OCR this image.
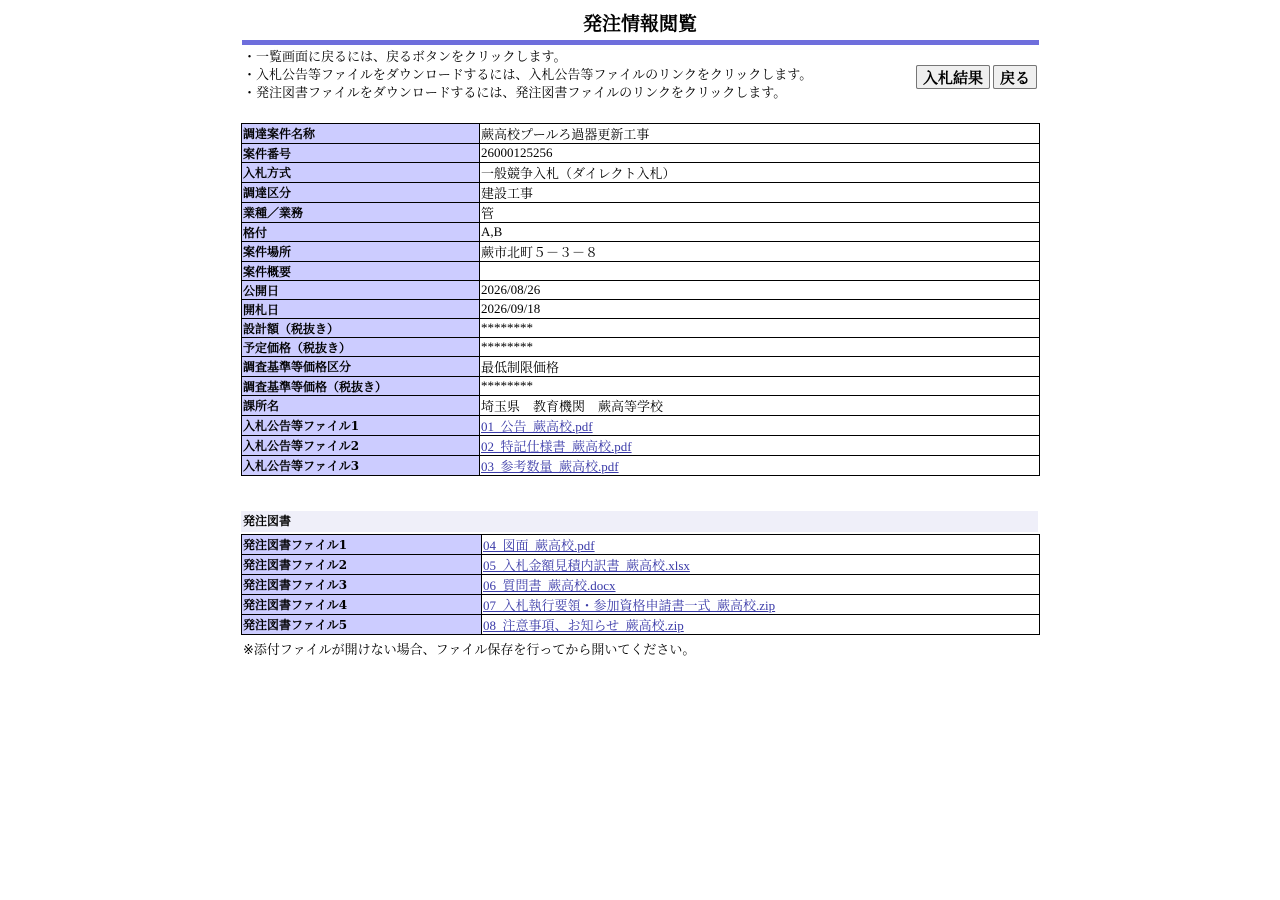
発注情報閲覧
・一覧画面に戻るには、戻るボタンをクリックします。
・入札公告等ファイルをダウンロードするには、入札公告等ファイルのリンクをクリックします。
・発注図書ファイルをダウンロードするには、発注図書ファイルのリンクをクリックします。
入札結果	戻る
調達案件名称	蕨高校プールろ過器更新工事
案件番号	26000125256
入札方式	一般競争入札（ダイレクト入札）
調達区分	建設工事
業種／業務	管
格付	A,B
案件場所	蕨市北町５－３－８
案件概要	
公開日	2026/08/26
開札日	2026/09/18
設計額（税抜き）	********
予定価格（税抜き）	********
調査基準等価格区分	最低制限価格
調査基準等価格（税抜き）	********
課所名	埼玉県　教育機関　蕨高等学校
入札公告等ファイル1	01_公告_蕨高校.pdf
入札公告等ファイル2	02_特記仕様書_蕨高校.pdf
入札公告等ファイル3	03_参考数量_蕨高校.pdf
発注図書
発注図書ファイル1	04_図面_蕨高校.pdf
発注図書ファイル2	05_入札金額見積内訳書_蕨高校.xlsx
発注図書ファイル3	06_質問書_蕨高校.docx
発注図書ファイル4	07_入札執行要領・参加資格申請書一式_蕨高校.zip
発注図書ファイル5	08_注意事項、お知らせ_蕨高校.zip
※添付ファイルが開けない場合、ファイル保存を行ってから開いてください。
